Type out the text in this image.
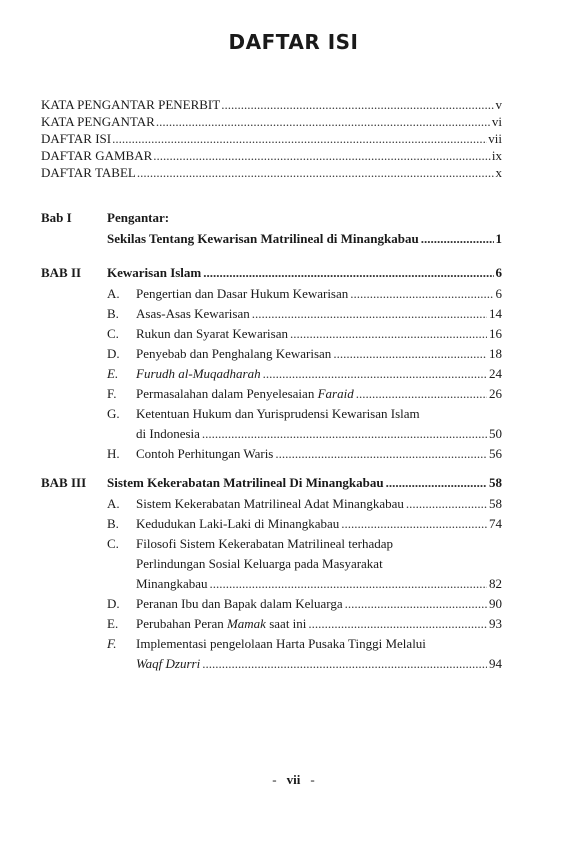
DAFTAR ISI
KATA PENGANTAR PENERBIT .....	v
KATA PENGANTAR .....	vi
DAFTAR ISI .....	vii
DAFTAR GAMBAR .....	ix
DAFTAR TABEL .....	x
Bab I	Pengantar:
Sekilas Tentang Kewarisan Matrilineal di Minangkabau .....	1
BAB II Kewarisan Islam .....	6
A.	Pengertian dan Dasar Hukum Kewarisan .....	6
B.	Asas-Asas Kewarisan .....	14
C.	Rukun dan Syarat Kewarisan .....	16
D.	Penyebab dan Penghalang Kewarisan .....	18
E.	Furudh al-Muqadharah .....	24
F.	Permasalahan dalam Penyelesaian Faraid .....	26
G. Ketentuan Hukum dan Yurisprudensi Kewarisan Islam
di Indonesia .....	50
H.	Contoh Perhitungan Waris .....	56
BAB III Sistem Kekerabatan Matrilineal Di Minangkabau .....	58
A.	Sistem Kekerabatan Matrilineal Adat Minangkabau .....	58
B.	Kedudukan Laki-Laki di Minangkabau .....	74
C. Filosofi Sistem Kekerabatan Matrilineal terhadap
Perlindungan Sosial Keluarga pada Masyarakat
Minangkabau .....	82
D.	Peranan Ibu dan Bapak dalam Keluarga .....	90
E.	Perubahan Peran Mamak saat ini .....	93
F. Implementasi pengelolaan Harta Pusaka Tinggi Melalui
Waqf Dzurri .....	94
- vii -
